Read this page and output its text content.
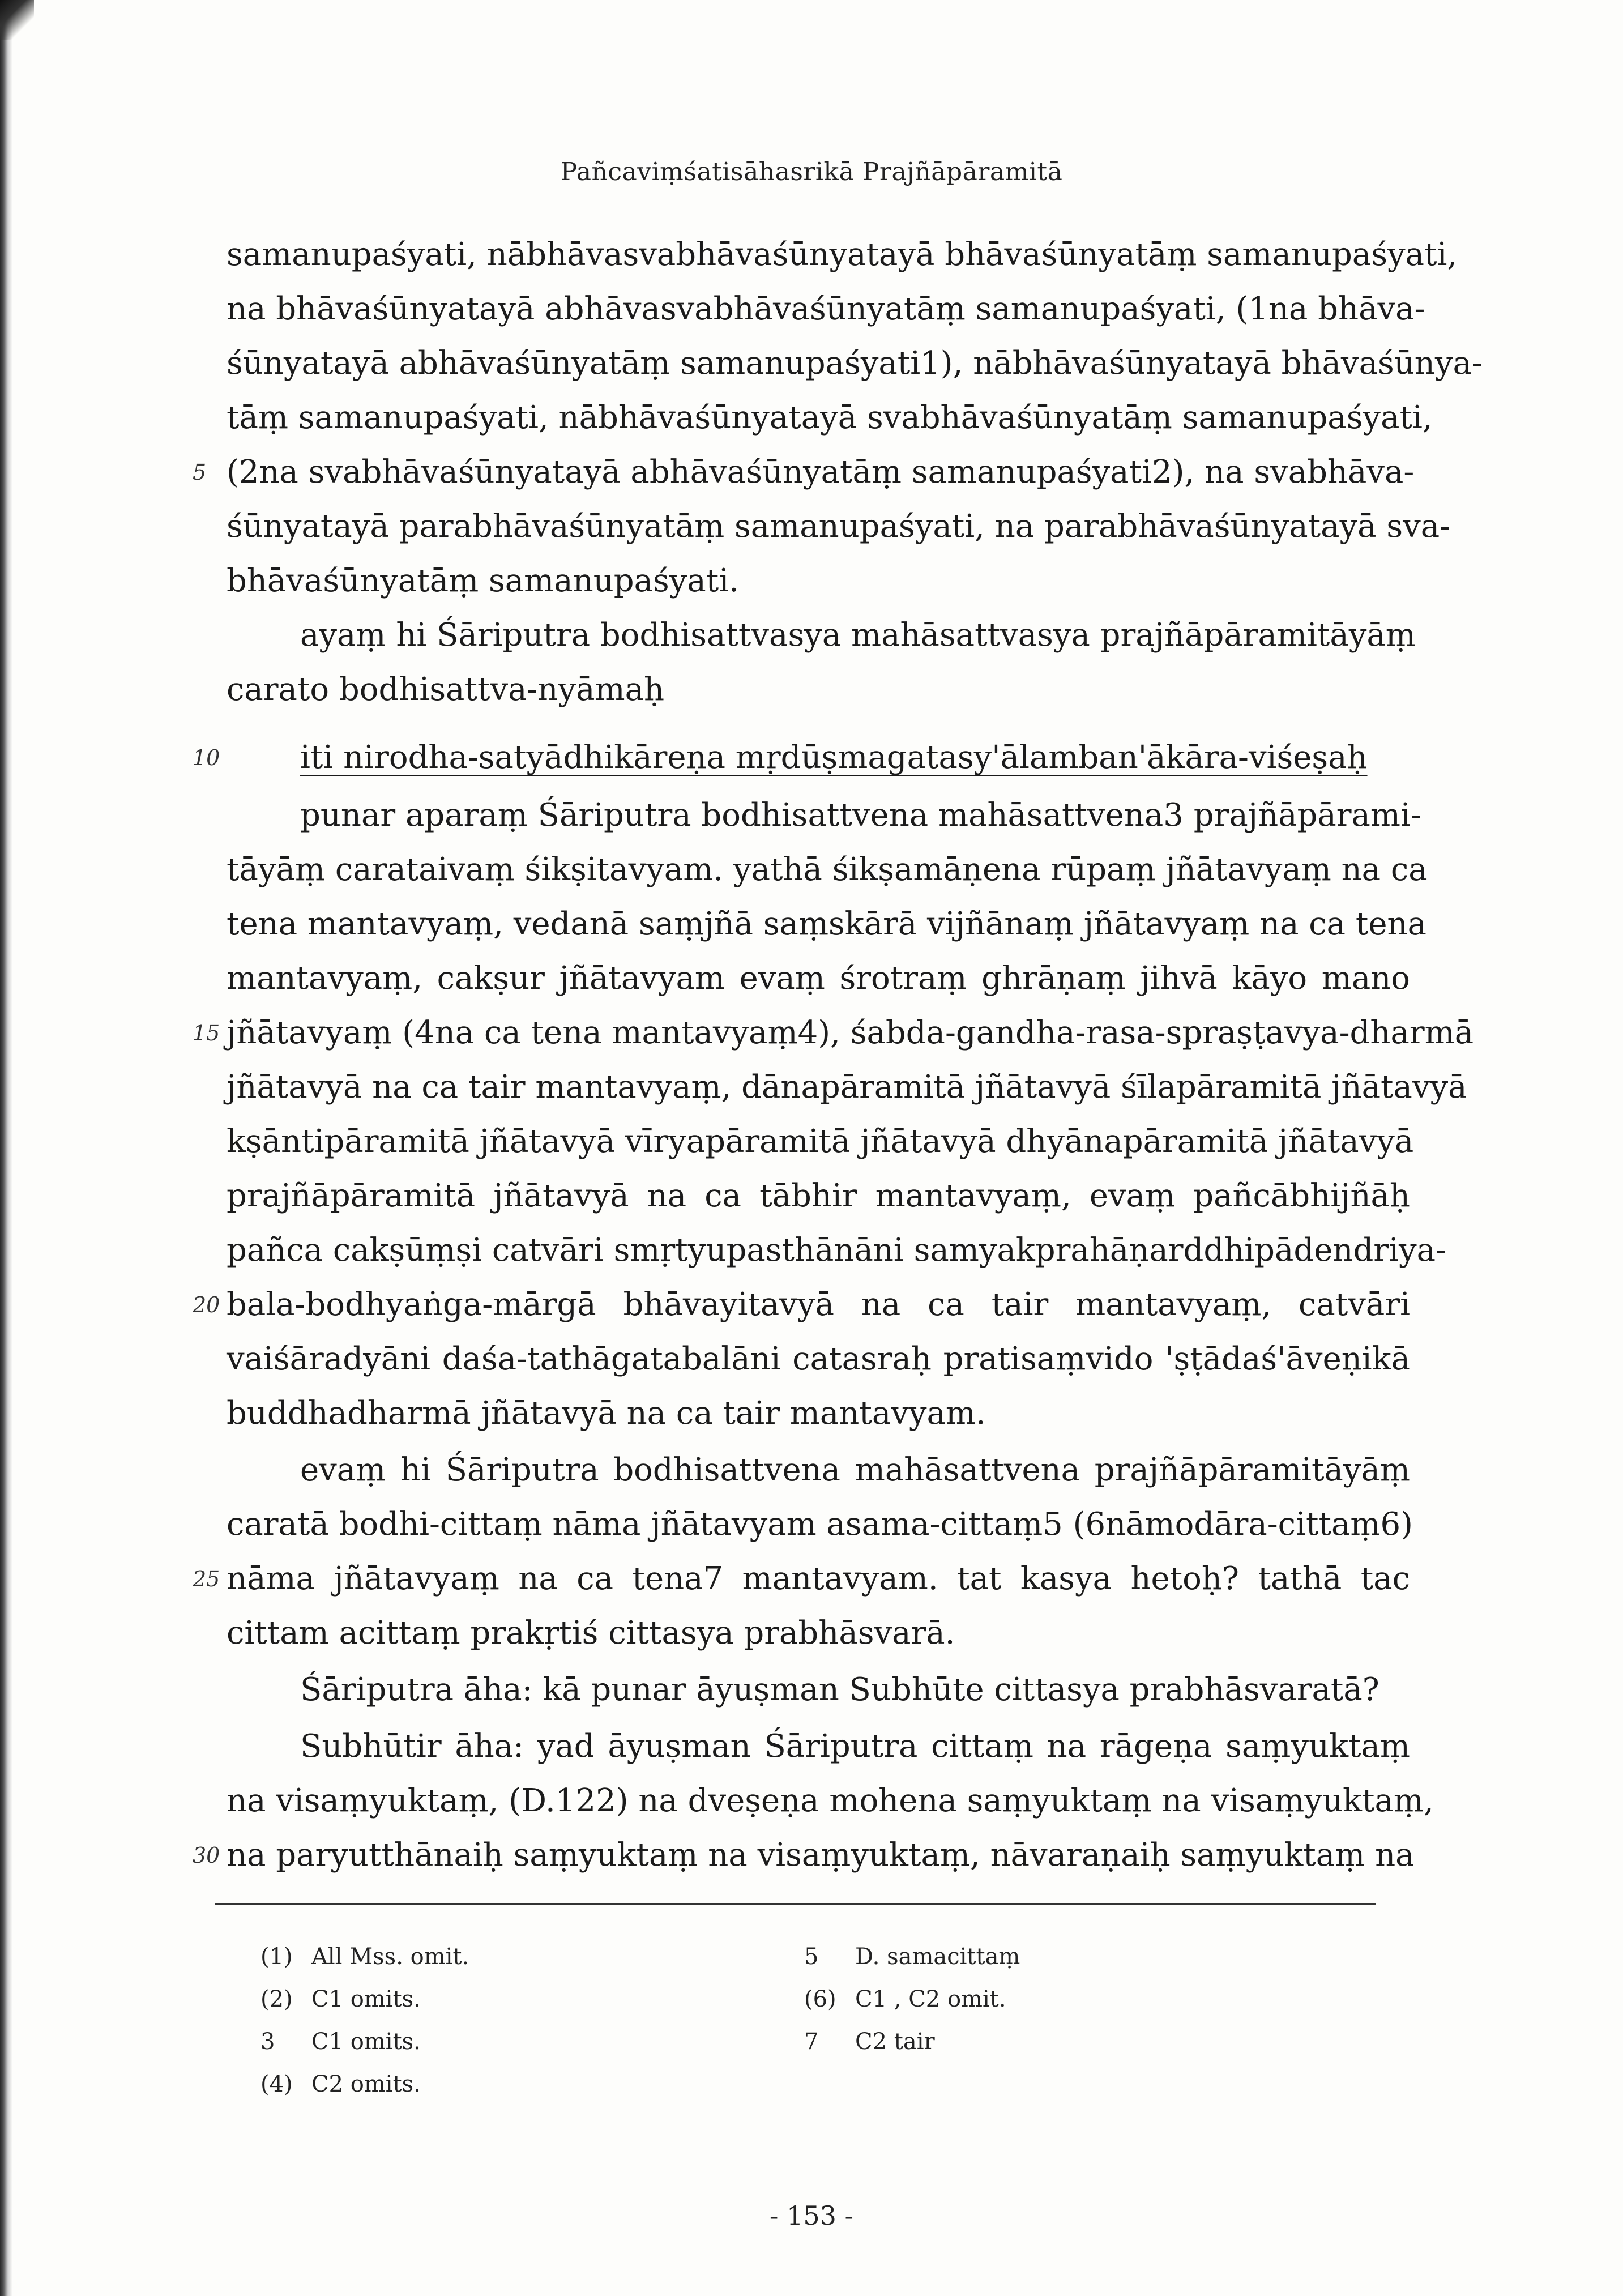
Pañcaviṃśatisāhasrikā Prajñāpāramitā
samanupaśyati, nābhāvasvabhāvaśūnyatayā bhāvaśūnyatāṃ samanupaśyati,
na bhāvaśūnyatayā abhāvasvabhāvaśūnyatāṃ samanupaśyati, (1na bhāva-
śūnyatayā abhāvaśūnyatāṃ samanupaśyati1), nābhāvaśūnyatayā bhāvaśūnya-
tāṃ samanupaśyati, nābhāvaśūnyatayā svabhāvaśūnyatāṃ samanupaśyati,
5 (2na svabhāvaśūnyatayā abhāvaśūnyatāṃ samanupaśyati2), na svabhāva-
śūnyatayā parabhāvaśūnyatāṃ samanupaśyati, na parabhāvaśūnyatayā sva-
bhāvaśūnyatāṃ samanupaśyati.
ayaṃ hi Śāriputra bodhisattvasya mahāsattvasya prajñāpāramitāyāṃ
carato bodhisattva-nyāmaḥ
10	iti nirodha-satyādhikāreṇa mṛdūṣmagatasy'ālamban'ākāra-viśeṣaḥ
punar aparaṃ Śāriputra bodhisattvena mahāsattvena3 prajñāpārami-
tāyāṃ carataivaṃ śikṣitavyam. yathā śikṣamāṇena rūpaṃ jñātavyaṃ na ca
tena mantavyaṃ, vedanā saṃjñā saṃskārā vijñānaṃ jñātavyaṃ na ca tena
mantavyaṃ, cakṣur jñātavyam evaṃ śrotraṃ ghrāṇaṃ jihvā kāyo mano
15 jñātavyaṃ (4na ca tena mantavyaṃ4), śabda-gandha-rasa-spraṣṭavya-dharmā
jñātavyā na ca tair mantavyaṃ, dānapāramitā jñātavyā śīlapāramitā jñātavyā
kṣāntipāramitā jñātavyā vīryapāramitā jñātavyā dhyānapāramitā jñātavyā
prajñāpāramitā jñātavyā na ca tābhir mantavyaṃ, evaṃ pañcābhijñāḥ
pañca cakṣūṃṣi catvāri smṛtyupasthānāni samyakprahāṇarddhipādendriya-
20 bala-bodhyaṅga-mārgā bhāvayitavyā na ca tair mantavyaṃ, catvāri
vaiśāradyāni daśa-tathāgatabalāni catasraḥ pratisaṃvido 'ṣṭādaś'āveṇikā
buddhadharmā jñātavyā na ca tair mantavyam.
evaṃ hi Śāriputra bodhisattvena mahāsattvena prajñāpāramitāyāṃ
caratā bodhi-cittaṃ nāma jñātavyam asama-cittaṃ5 (6nāmodāra-cittaṃ6)
25 nāma jñātavyaṃ na ca tena7 mantavyam. tat kasya hetoḥ? tathā tac
cittam acittaṃ prakṛtiś cittasya prabhāsvarā.
Śāriputra āha: kā punar āyuṣman Subhūte cittasya prabhāsvaratā?
Subhūtir āha: yad āyuṣman Śāriputra cittaṃ na rāgeṇa saṃyuktaṃ
na visaṃyuktaṃ, (D.122) na dveṣeṇa mohena saṃyuktaṃ na visaṃyuktaṃ,
30 na paryutthānaiḥ saṃyuktaṃ na visaṃyuktaṃ, nāvaraṇaiḥ saṃyuktaṃ na
(1) All Mss. omit.
(2) C1 omits.
3 C1 omits.
(4) C2 omits.
5 D. samacittaṃ
(6) C1 , C2 omit.
7 C2 tair
- 153 -
